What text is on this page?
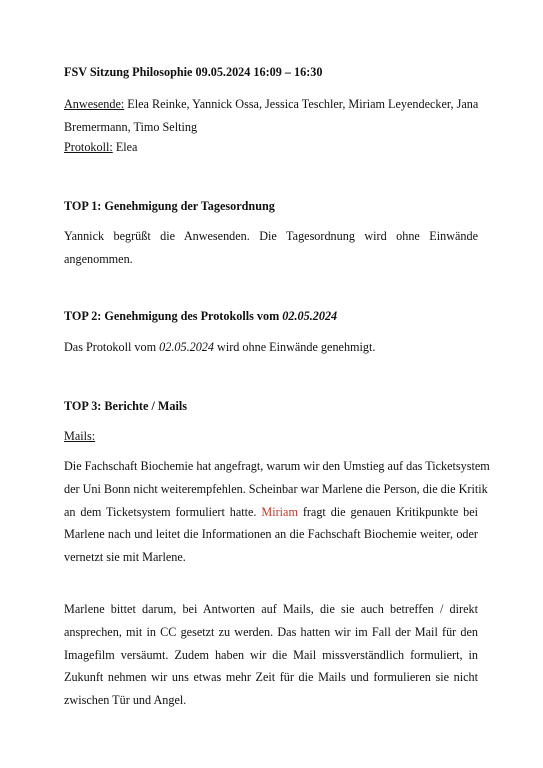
FSV Sitzung Philosophie 09.05.2024 16:09 – 16:30
Anwesende: Elea Reinke, Yannick Ossa, Jessica Teschler, Miriam Leyendecker, Jana
Bremermann, Timo Selting
Protokoll: Elea
TOP 1: Genehmigung der Tagesordnung
Yannick begrüßt die Anwesenden. Die Tagesordnung wird ohne Einwände
angenommen.
TOP 2: Genehmigung des Protokolls vom 02.05.2024
Das Protokoll vom 02.05.2024 wird ohne Einwände genehmigt.
TOP 3: Berichte / Mails
Mails:
Die Fachschaft Biochemie hat angefragt, warum wir den Umstieg auf das Ticketsystem
der Uni Bonn nicht weiterempfehlen. Scheinbar war Marlene die Person, die die Kritik
an dem Ticketsystem formuliert hatte. Miriam fragt die genauen Kritikpunkte bei
Marlene nach und leitet die Informationen an die Fachschaft Biochemie weiter, oder
vernetzt sie mit Marlene.
Marlene bittet darum, bei Antworten auf Mails, die sie auch betreffen / direkt
ansprechen, mit in CC gesetzt zu werden. Das hatten wir im Fall der Mail für den
Imagefilm versäumt. Zudem haben wir die Mail missverständlich formuliert, in
Zukunft nehmen wir uns etwas mehr Zeit für die Mails und formulieren sie nicht
zwischen Tür und Angel.
